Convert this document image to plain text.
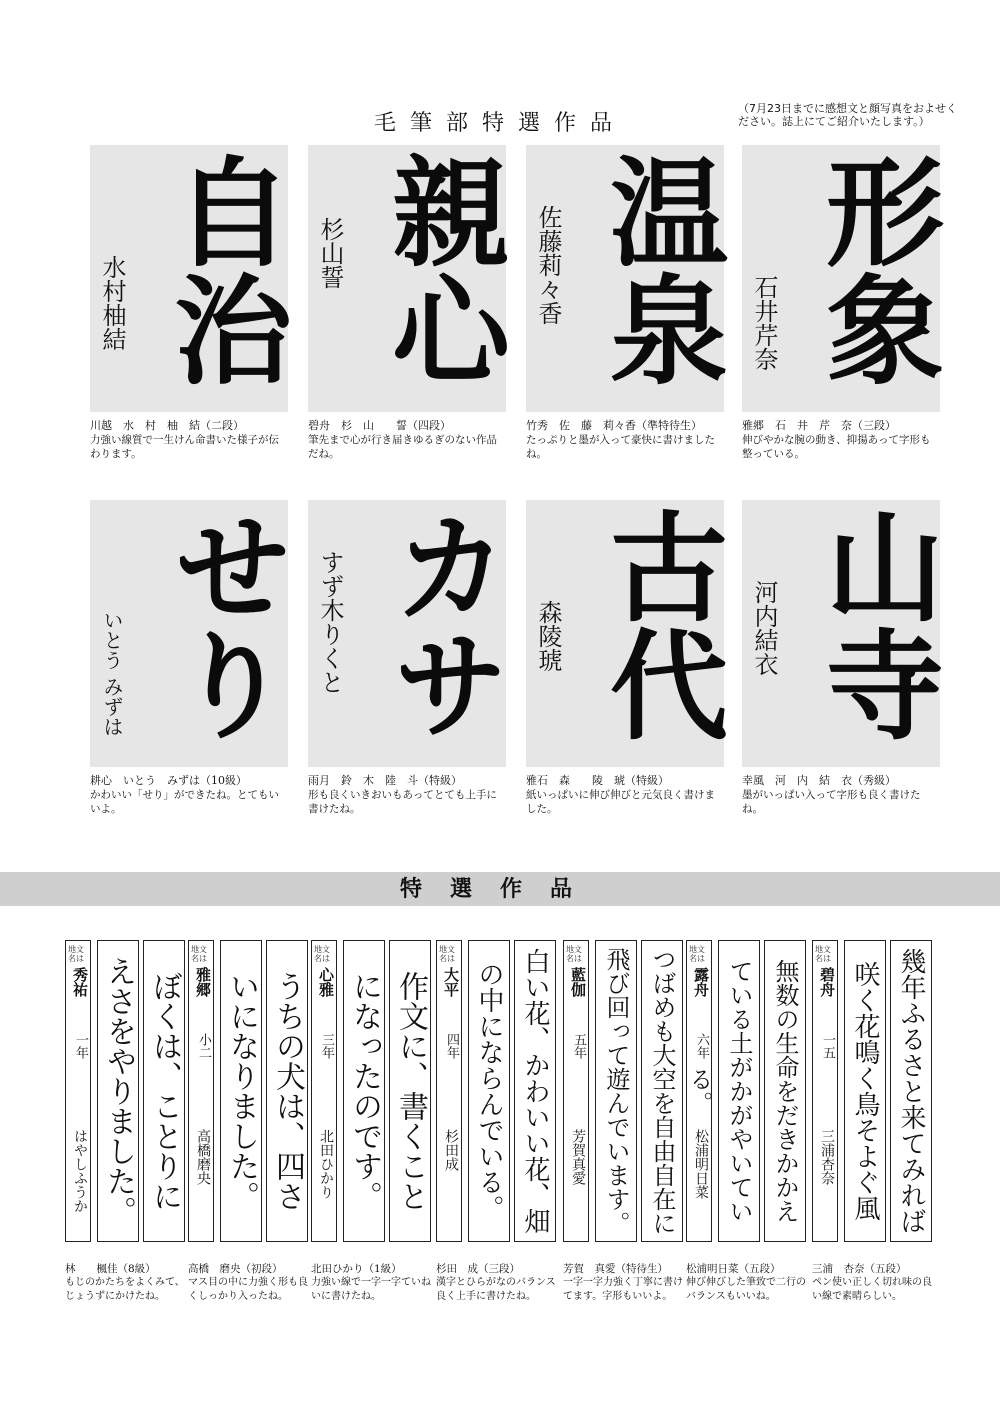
毛筆部特選作品
（7月23日までに感想文と顔写真をおよせください。誌上にてご紹介いたします。）
自治
水村柚結
川越　水　村　柚　結（二段）
力強い線質で一生けん命書いた様子が伝わります。
親心
杉山誓
碧舟　杉　山　　誓（四段）
筆先まで心が行き届きゆるぎのない作品だね。
温泉
佐藤莉々香
竹秀　佐　藤　莉々香（準特待生）
たっぷりと墨が入って豪快に書けましたね。
形象
石井芹奈
雅郷　石　井　芹　奈（三段）
伸びやかな腕の動き、抑揚あって字形も整っている。
せり
いとう みずは
耕心　いとう　みずは（10級）
かわいい「せり」ができたね。とてもいいよ。
カサ
すず木りくと
雨月　鈴　木　陸　斗（特級）
形も良くいきおいもあってとても上手に書けたね。
古代
森陵琥
雅石　森　　陵　琥（特級）
紙いっぱいに伸び伸びと元気良く書けました。
山寺
河内結衣
幸風　河　内　結　衣（秀級）
墨がいっぱい入って字形も良く書けたね。
特選作品
地文名は
秀祐
一年
はやしふうか ぼくは、ことりに
えさをやりました。
林　　楓佳（8級）
もじのかたちをよくみて、じょうずにかけたね。
地文名は
雅郷
小二
高橋磨央 うちの犬は、四さ
いになりました。
高橋　磨央（初段）
マス目の中に力強く形も良くしっかり入ったね。
地文名は
心雅
三年
北田ひかり 作文に、書くこと
になったのです。
北田ひかり（1級）
力強い線で一字一字ていねいに書けたね。
地文名は
大平
四年
杉田成 白い花、かわいい花、畑
の中にならんでいる。
杉田　成（三段）
漢字とひらがなのバランス良く上手に書けたね。
地文名は
藍伽
五年
芳賀真愛	つばめも大空を自由自在に
飛び回って遊んでいます。
芳賀　真愛（特待生）
一字一字力強く丁寧に書けてます。字形もいいよ。
地文名は
露舟
六年
松浦明日菜	無数の生命をだきかかえ
ている土がかがやいている。
松浦明日菜（五段）
伸び伸びした筆致で二行のバランスもいいね。
地文名は
碧舟
一五
三浦杏奈 幾年ふるさと来てみれば
咲く花鳴く鳥そよぐ風
三浦　杏奈（五段）
ペン使い正しく切れ味の良い線で素晴らしい。
